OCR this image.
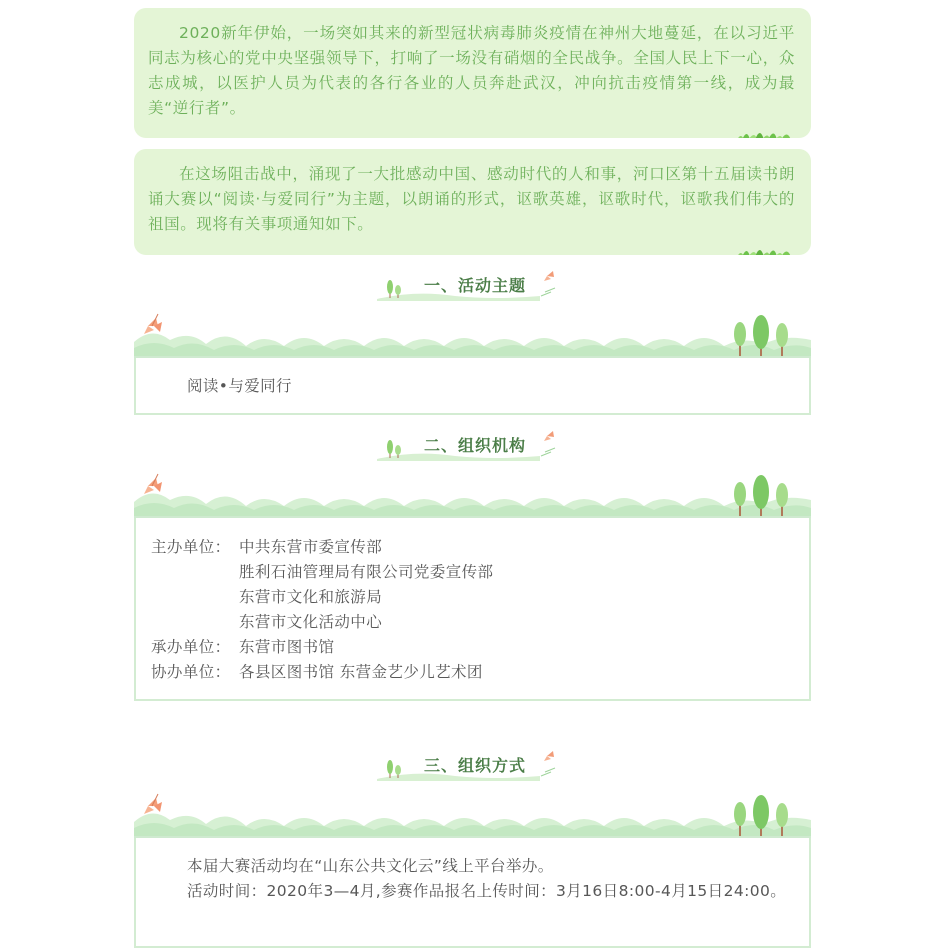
2020新年伊始，一场突如其来的新型冠状病毒肺炎疫情在神州大地蔓延，在以习近平同志为核心的党中央坚强领导下，打响了一场没有硝烟的全民战争。全国人民上下一心，众志成城，以医护人员为代表的各行各业的人员奔赴武汉，冲向抗击疫情第一线，成为最美“逆行者”。

在这场阻击战中，涌现了一大批感动中国、感动时代的人和事，河口区第十五届读书朗诵大赛以“阅读·与爱同行”为主题，以朗诵的形式，讴歌英雄，讴歌时代，讴歌我们伟大的祖国。现将有关事项通知如下。

一、活动主题

阅读•与爱同行

二、组织机构
主办单位： 中共东营市委宣传部
胜利石油管理局有限公司党委宣传部
东营市文化和旅游局
东营市文化活动中心
承办单位： 东营市图书馆
协办单位： 各县区图书馆 东营金艺少儿艺术团
三、组织方式

本届大赛活动均在“山东公共文化云”线上平台举办。

活动时间：2020年3—4月,参赛作品报名上传时间：3月16日8:00-4月15日24:00。
